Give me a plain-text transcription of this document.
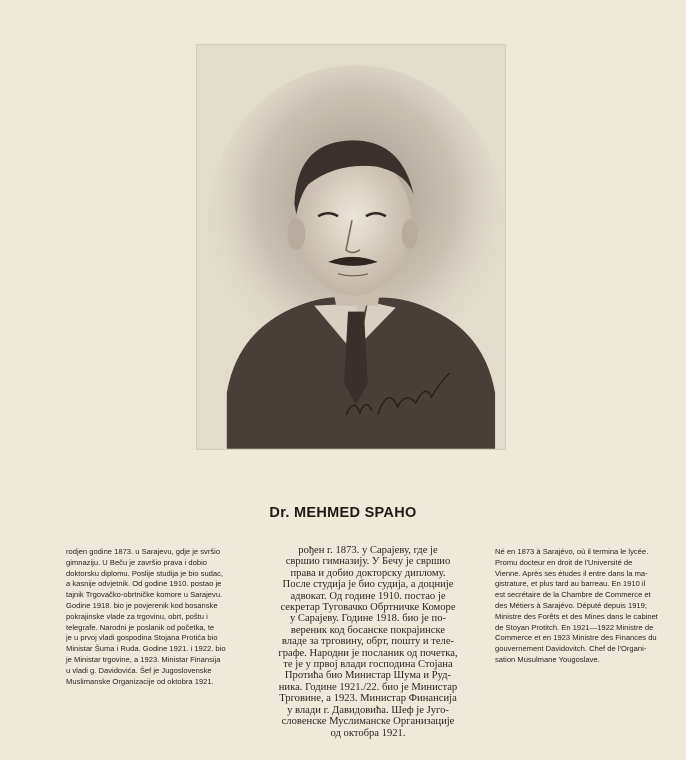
Dr. MEHMED SPAHO
rodjen godine 1873. u Sarajevu, gdje je svršio
gimnaziju. U Beču je završio prava i dobio
doktorsku diplomu. Poslije studija je bio sudac,
a kasnije odvjetnik. Od godine 1910. postao je
tajnik Trgovačko-obrtničke komore u Sarajevu.
Godine 1918. bio je povjerenik kod bosanske
pokrajinske vlade za trgovinu, obrt, poštu i
telegrafe. Narodni je poslanik od početka, te
je u prvoj vladi gospodina Stojana Protića bio
Ministar Šuma i Ruda. Godine 1921. i 1922. bio
je Ministar trgovine, a 1923. Ministar Finansija
u vladi g. Davidovića. Šef je Jugoslovenske
Muslimanske Organizacije od oktobra 1921.
рођен г. 1873. у Сарајеву, где је
свршио гимназију. У Бечу је свршио
права и добио докторску диплому.
После студија је био судија, а доцније
адвокат. Од године 1910. постао је
секретар Туговачко Обртничке Коморе
у Сарајеву. Године 1918. био је по-
вереник код босанске покрајинске
владе за трговину, обрт, пошту и теле-
графе. Народни је посланик од почетка,
те је у првој влади господина Стојана
Протића био Министар Шума и Руд-
ника. Године 1921./22. био је Министар
Трговине, а 1923. Министар Финансија
у влади г. Давидовића. Шеф је Југо-
словенске Муслиманске Организације
од октобра 1921.
Né en 1873 à Sarajévo, où il termina le lycée.
Promu docteur en droit de l'Université de
Vienne. Après ses études il entre dans la ma-
gistrature, et plus tard au barreau. En 1910 il
est secrétaire de la Chambre de Commerce et
des Métiers à Sarajévo. Député depuis 1919;
Ministre des Forêts et des Mines dans le cabinet
de Stoyan Protitch. En 1921—1922 Ministre de
Commerce et en 1923 Ministre des Finances du
gouvernement Davidovitch. Chef de l'Organi-
sation Musulmane Yougoslave.
